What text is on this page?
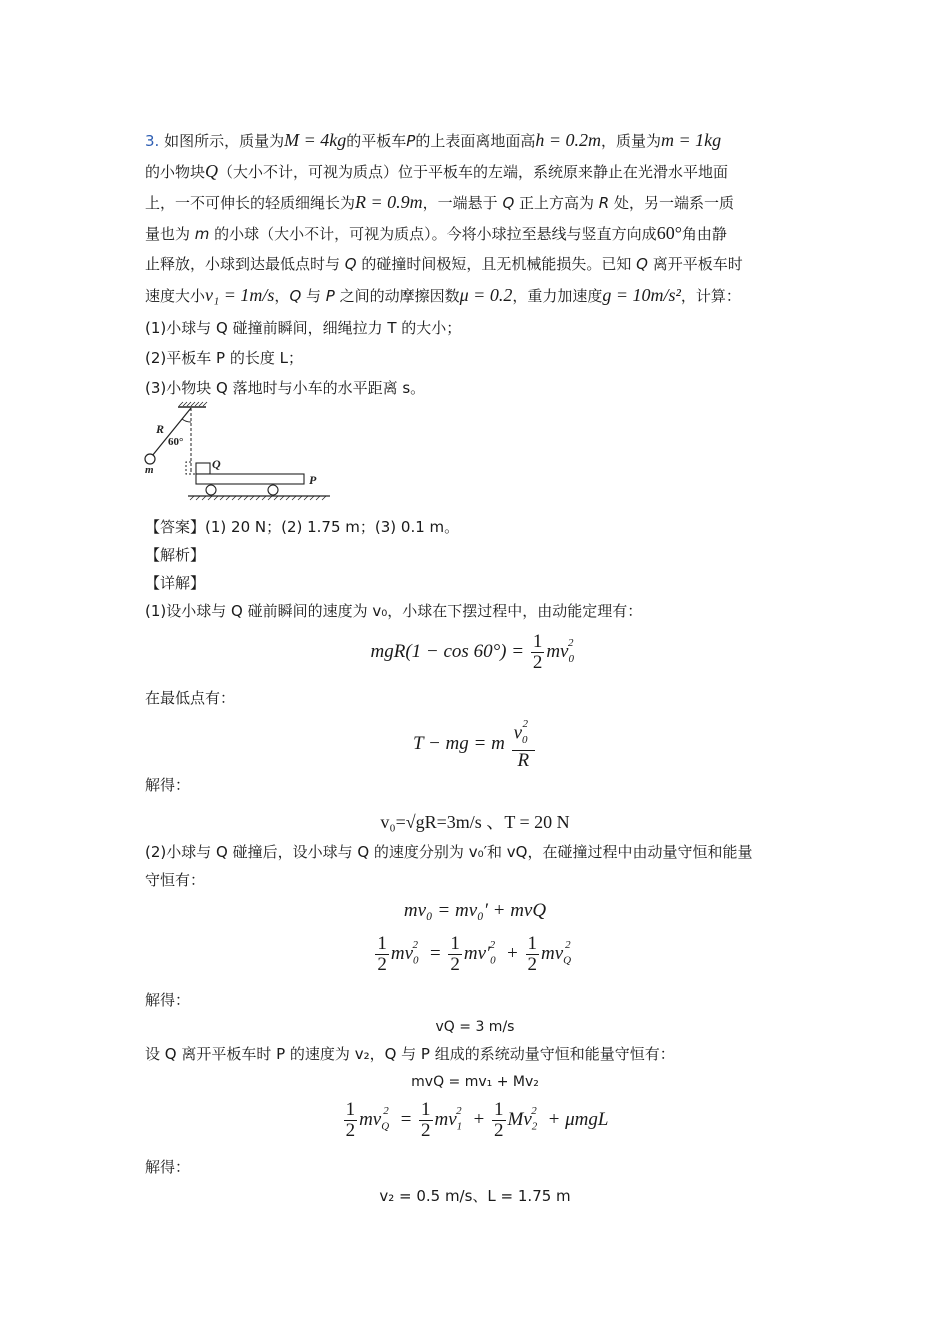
3. 如图所示，质量为M = 4kg的平板车P的上表面离地面高h = 0.2m，质量为m = 1kg
的小物块Q（大小不计，可视为质点）位于平板车的左端，系统原来静止在光滑水平地面
上，一不可伸长的轻质细绳长为R = 0.9m，一端悬于 Q 正上方高为 R 处，另一端系一质
量也为 m 的小球（大小不计，可视为质点）。今将小球拉至悬线与竖直方向成60°角由静
止释放，小球到达最低点时与 Q 的碰撞时间极短，且无机械能损失。已知 Q 离开平板车时
速度大小v₁ = 1m/s，Q 与 P 之间的动摩擦因数μ = 0.2，重力加速度g = 10m/s²，计算：
(1)小球与 Q 碰撞前瞬间，细绳拉力 T 的大小；
(2)平板车 P 的长度 L；
(3)小物块 Q 落地时与小车的水平距离 s。
R
60°
m	Q
P
【答案】(1) 20 N；(2) 1.75 m；(3) 0.1 m。
【解析】
【详解】
(1)设小球与 Q 碰前瞬间的速度为 v₀，小球在下摆过程中，由动能定理有：
$mgR(1 - \cos 60^\circ) = \frac{1}{2} mv_0^2$
在最低点有：
T − mg = m $\frac{v_0^2}{R}$
解得：
v₀=√gR=3m/s 、T = 20 N
(2)小球与 Q 碰撞后，设小球与 Q 的速度分别为 v₀′和 vQ，在碰撞过程中由动量守恒和能量
守恒有：
mv₀ = mv₀′ + mvQ
$\frac{1}{2} mv_0^2 = \frac{1}{2} mv'_0^2 + \frac{1}{2} mv_Q^2$
解得：
vQ = 3 m/s
设 Q 离开平板车时 P 的速度为 v₂，Q 与 P 组成的系统动量守恒和能量守恒有：
mvQ = mv₁ + Mv₂
$\frac{1}{2} mv_Q^2 = \frac{1}{2} mv_1^2 + \frac{1}{2} Mv_2^2 + \mu mgL$
解得：
v₂ = 0.5 m/s、L = 1.75 m
